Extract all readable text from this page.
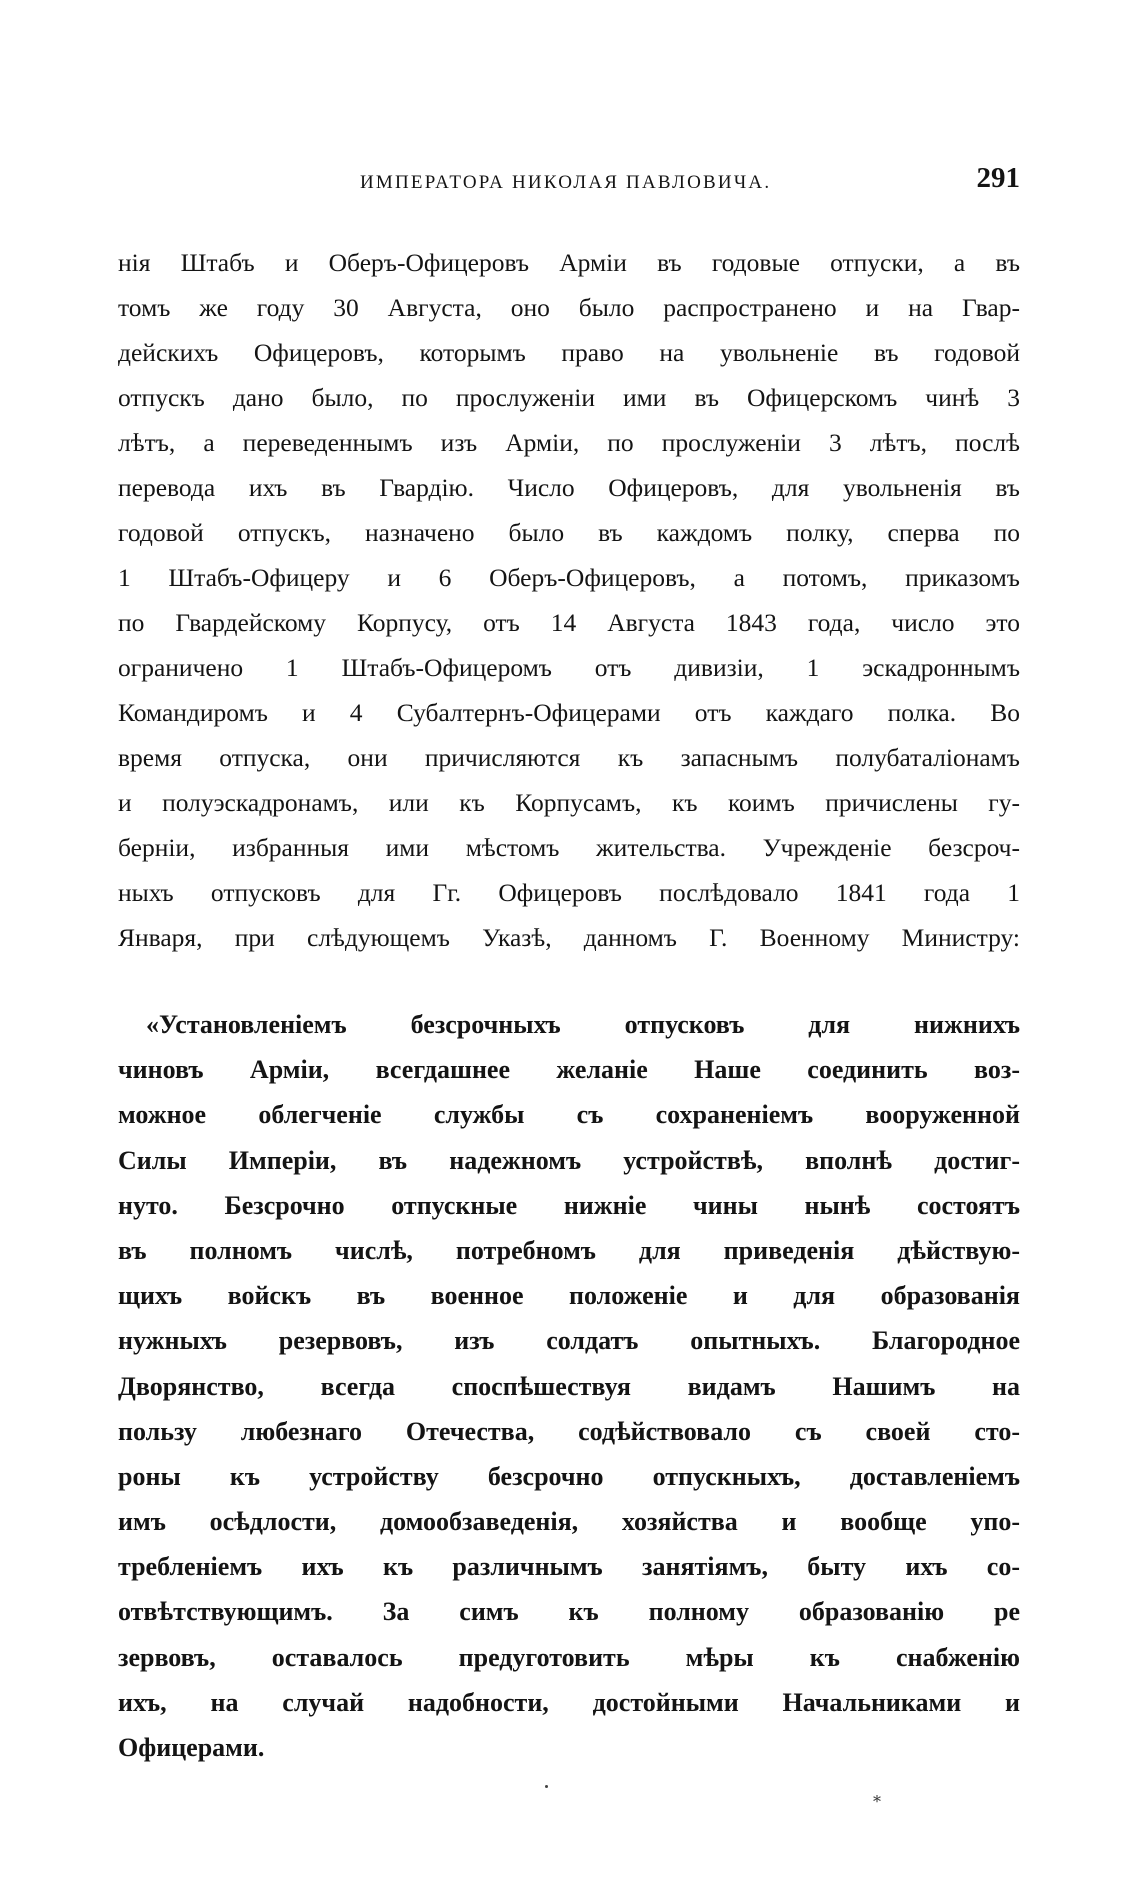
ИМПЕРАТОРА НИКОЛАЯ ПАВЛОВИЧА.	291
нія Штабъ и Оберъ-Офицеровъ Арміи въ годовые отпуски, а въ
томъ же году 30 Августа, оно было распространено и на Гвар-
дейскихъ Офицеровъ, которымъ право на увольненіе въ годовой
отпускъ дано было, по прослуженіи ими въ Офицерскомъ чинѣ 3
лѣтъ, а переведеннымъ изъ Арміи, по прослуженіи 3 лѣтъ, послѣ
перевода ихъ въ Гвардію. Число Офицеровъ, для увольненія въ
годовой отпускъ, назначено было въ каждомъ полку, сперва по
1 Штабъ-Офицеру и 6 Оберъ-Офицеровъ, а потомъ, приказомъ
по Гвардейскому Корпусу, отъ 14 Августа 1843 года, число это
ограничено 1 Штабъ-Офицеромъ отъ дивизіи, 1 эскадроннымъ
Командиромъ и 4 Субалтернъ-Офицерами отъ каждаго полка. Во
время отпуска, они причисляются къ запаснымъ полубаталіонамъ
и полуэскадронамъ, или къ Корпусамъ, къ коимъ причислены гу-
берніи, избранныя ими мѣстомъ жительства. Учрежденіе безсроч-
ныхъ отпусковъ для Гг. Офицеровъ послѣдовало 1841 года 1
Января, при слѣдующемъ Указѣ, данномъ Г. Военному Министру:
«Установленіемъ безсрочныхъ отпусковъ для нижнихъ
чиновъ Арміи, всегдашнее желаніе Наше соединить воз-
можное облегченіе службы съ сохраненіемъ вооруженной
Силы Имперіи, въ надежномъ устройствѣ, вполнѣ достиг-
нуто. Безсрочно отпускные нижніе чины нынѣ состоятъ
въ полномъ числѣ, потребномъ для приведенія дѣйствую-
щихъ войскъ въ военное положеніе и для образованія
нужныхъ резервовъ, изъ солдатъ опытныхъ. Благородное
Дворянство, всегда споспѣшествуя видамъ Нашимъ на
пользу любезнаго Отечества, содѣйствовало съ своей сто-
роны къ устройству безсрочно отпускныхъ, доставленіемъ
имъ осѣдлости, домообзаведенія, хозяйства и вообще упо-
требленіемъ ихъ къ различнымъ занятіямъ, быту ихъ со-
отвѣтствующимъ. За симъ къ полному образованію ре
зервовъ, оставалось предуготовить мѣры къ снабженію
ихъ, на случай надобности, достойными Начальниками и
Офицерами.
*
